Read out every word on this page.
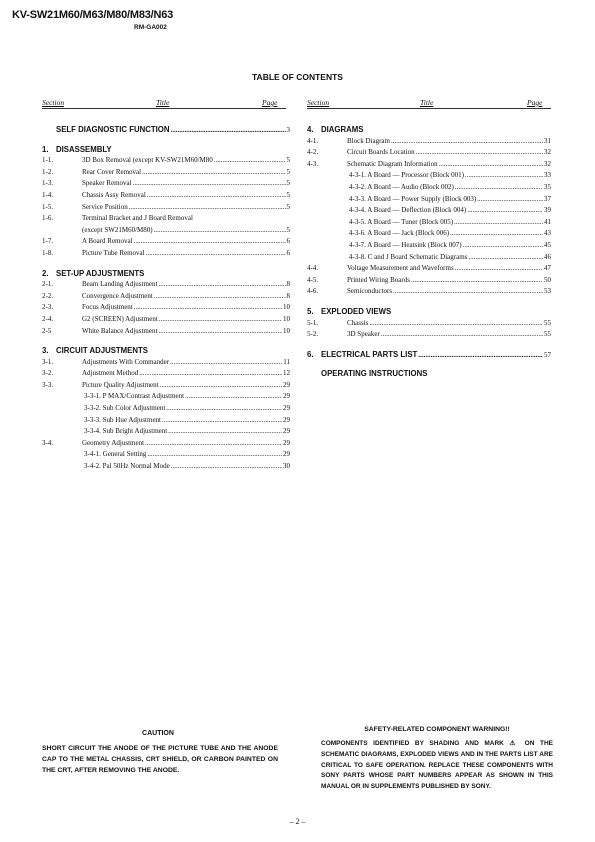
KV-SW21M60/M63/M80/M83/N63
RM-GA002
TABLE OF CONTENTS
Section	Title	Page	Section	Title	Page
SELF DIAGNOSTIC FUNCTION .....	3
1. DISASSEMBLY
1-1.	3D Box Removal (except KV-SW21M60/M80 .....	5
1-2.	Rear Cover Removal .....	5
1-3.	Speaker Removal .....	5
1-4.	Chassis Assy Removal .....	5
1-5.	Service Position .....	5
1-6.	Terminal Bracket and J Board Removal
(except SW21M60/M80) .....	5
1-7.	A Board Removal .....	6
1-8.	Picture Tube Removal .....	6
2. SET-UP ADJUSTMENTS
2-1.	Beam Landing Adjustment .....	8
2-2.	Convergence Adjustment .....	8
2-3.	Focus Adjustment .....	10
2-4.	G2 (SCREEN) Adjustment .....	10
2-5	White Balance Adjustment .....	10
3. CIRCUIT ADJUSTMENTS
3-1.	Adjustments With Commander .....	11
3-2.	Adjustment Method .....	12
3-3.	Picture Quality Adjustment .....	29
3-3-1. P MAX/Contrast Adjustment .....	29
3-3-2. Sub Color Adjustment .....	29
3-3-3. Sub Hue Adjustment .....	29
3-3-4. Sub Bright Adjustment .....	29
3-4.	Geometry Adjustment .....	29
3-4-1. General Setting .....	29
3-4-2. Pal 50Hz Normal Mode .....	30
4. DIAGRAMS
4-1.	Block Diagram .....	31
4-2.	Circuit Boards Location .....	32
4-3.	Schematic Diagram Information .....	32
4-3-1. A Board — Processor (Block 001) .....	33
4-3-2. A Board — Audio (Block 002) .....	35
4-3-3. A Board — Power Supply (Block 003) .....	37
4-3-4. A Board — Deflection (Block 004) .....	39
4-3-5. A Board — Tuner (Block 005) .....	41
4-3-6. A Board — Jack (Block 006) .....	43
4-3-7. A Board — Heatsink (Block 007) .....	45
4-3-8. C and J Board Schematic Diagrams .....	46
4-4.	Voltage Measurement and Waveforms .....	47
4-5.	Printed Wiring Boards .....	50
4-6.	Semiconductors .....	53
5. EXPLODED VIEWS
5-1.	Chassis .....	55
5-2.	3D Speaker .....	55
6. ELECTRICAL PARTS LIST .....	57
OPERATING INSTRUCTIONS
CAUTION
SHORT CIRCUIT THE ANODE OF THE PICTURE TUBE AND THE ANODE CAP TO THE METAL CHASSIS, CRT SHIELD, OR CARBON PAINTED ON THE CRT, AFTER REMOVING THE ANODE.
SAFETY-RELATED COMPONENT WARNING!!
COMPONENTS IDENTIFIED BY SHADING AND MARK ⚠ ON THE SCHEMATIC DIAGRAMS, EXPLODED VIEWS AND IN THE PARTS LIST ARE CRITICAL TO SAFE OPERATION. REPLACE THESE COMPONENTS WITH SONY PARTS WHOSE PART NUMBERS APPEAR AS SHOWN IN THIS MANUAL OR IN SUPPLEMENTS PUBLISHED BY SONY.
– 2 –
